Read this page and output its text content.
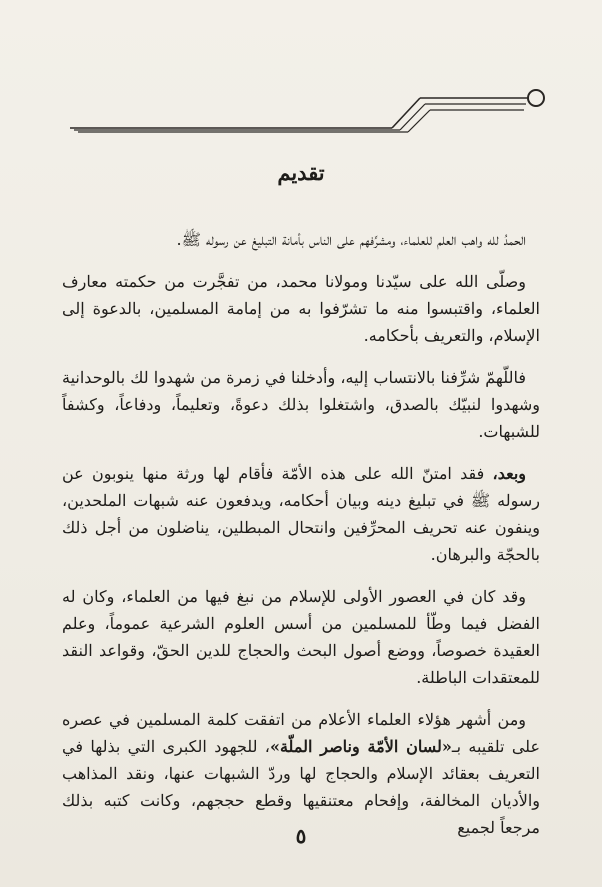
تقديم

الحمدُ لله واهب العلم للعلماء، ومشرِّفهم على الناس بأمانة التبليغ عن رسوله ﷺ.

وصلّى الله على سيّدنا ومولانا محمد، من تفجَّرت من حكمته معارف العلماء، واقتبسوا منه ما تشرّفوا به من إمامة المسلمين، بالدعوة إلى الإسلام، والتعريف بأحكامه.

فاللّهمّ شرِّفنا بالانتساب إليه، وأدخلنا في زمرة من شهدوا لك بالوحدانية وشهدوا لنبيّك بالصدق، واشتغلوا بذلك دعوةً، وتعليماً، ودفاعاً، وكشفاً للشبهات.

وبعد، فقد امتنّ الله على هذه الأمّة فأقام لها ورثة منها ينوبون عن رسوله ﷺ في تبليغ دينه وبيان أحكامه، ويدفعون عنه شبهات الملحدين، وينفون عنه تحريف المحرِّفين وانتحال المبطلين، يناضلون من أجل ذلك بالحجّة والبرهان.

وقد كان في العصور الأولى للإسلام من نبغ فيها من العلماء، وكان له الفضل فيما وطّأ للمسلمين من أسس العلوم الشرعية عموماً، وعلم العقيدة خصوصاً، ووضع أصول البحث والحجاج للدين الحقّ، وقواعد النقد للمعتقدات الباطلة.

ومن أشهر هؤلاء العلماء الأعلام من اتفقت كلمة المسلمين في عصره على تلقيبه بـ«لسان الأمّة وناصر الملّة»، للجهود الكبرى التي بذلها في التعريف بعقائد الإسلام والحجاج لها وردّ الشبهات عنها، ونقد المذاهب والأديان المخالفة، وإفحام معتنقيها وقطع حججهم، وكانت كتبه بذلك مرجعاً لجميع

٥
